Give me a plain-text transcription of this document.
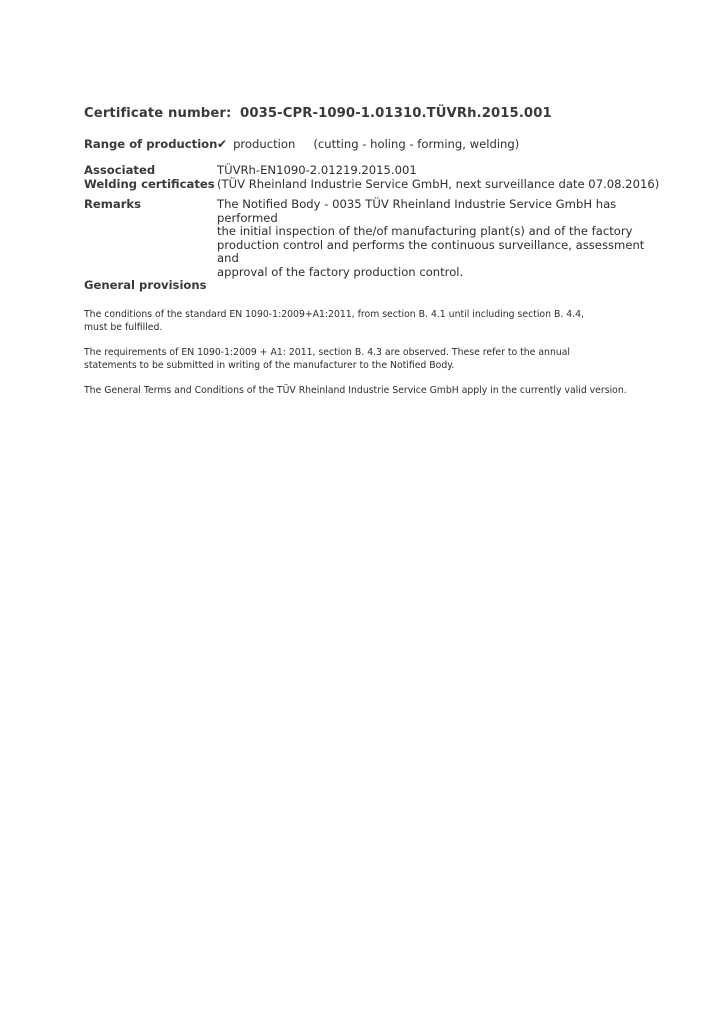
Certificate number: 0035-CPR-1090-1.01310.TÜVRh.2015.001
Range of production ✔ production (cutting - holing - forming, welding)
Associated
Welding certificates
TÜVRh-EN1090-2.01219.2015.001
(TÜV Rheinland Industrie Service GmbH, next surveillance date 07.08.2016)
Remarks	The Notified Body - 0035 TÜV Rheinland Industrie Service GmbH has performed
the initial inspection of the/of manufacturing plant(s) and of the factory
production control and performs the continuous surveillance, assessment and
approval of the factory production control.
General provisions
The conditions of the standard EN 1090-1:2009+A1:2011, from section B. 4.1 until including section B. 4.4,
must be fulfilled.
The requirements of EN 1090-1:2009 + A1: 2011, section B. 4.3 are observed. These refer to the annual
statements to be submitted in writing of the manufacturer to the Notified Body.
The General Terms and Conditions of the TÜV Rheinland Industrie Service GmbH apply in the currently valid version.
